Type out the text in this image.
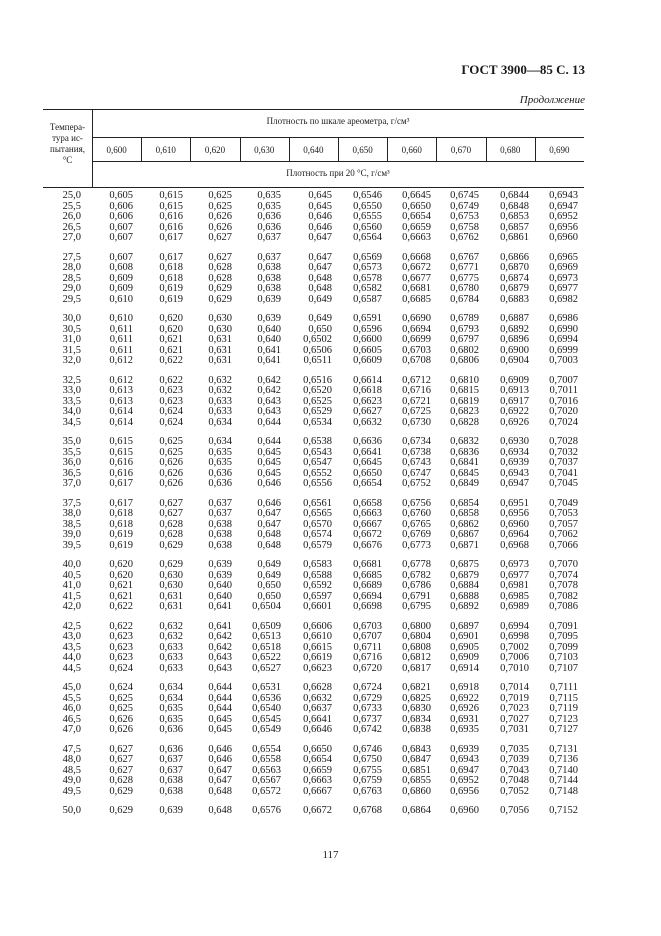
ГОСТ 3900—85 С. 13
Продолжение
Темпера-
тура ис-
пытания,
°С
Плотность по шкале ареометра, г/см³
Плотность при 20 °С, г/см³
0,600	0,610	0,620	0,630	0,640	0,650	0,660	0,670	0,680	0,690
25,0	0,605	0,615	0,625	0,635	0,645	0,6546	0,6645	0,6745	0,6844	0,6943
25,5	0,606	0,615	0,625	0,635	0,645	0,6550	0,6650	0,6749	0,6848	0,6947
26,0	0,606	0,616	0,626	0,636	0,646	0,6555	0,6654	0,6753	0,6853	0,6952
26,5	0,607	0,616	0,626	0,636	0,646	0,6560	0,6659	0,6758	0,6857	0,6956
27,0	0,607	0,617	0,627	0,637	0,647	0,6564	0,6663	0,6762	0,6861	0,6960
27,5	0,607	0,617	0,627	0,637	0,647	0,6569	0,6668	0,6767	0,6866	0,6965
28,0	0,608	0,618	0,628	0,638	0,647	0,6573	0,6672	0,6771	0,6870	0,6969
28,5	0,609	0,618	0,628	0,638	0,648	0,6578	0,6677	0,6775	0,6874	0,6973
29,0	0,609	0,619	0,629	0,638	0,648	0,6582	0,6681	0,6780	0,6879	0,6977
29,5	0,610	0,619	0,629	0,639	0,649	0,6587	0,6685	0,6784	0,6883	0,6982
30,0	0,610	0,620	0,630	0,639	0,649	0,6591	0,6690	0,6789	0,6887	0,6986
30,5	0,611	0,620	0,630	0,640	0,650	0,6596	0,6694	0,6793	0,6892	0,6990
31,0	0,611	0,621	0,631	0,640	0,6502	0,6600	0,6699	0,6797	0,6896	0,6994
31,5	0,611	0,621	0,631	0,641	0,6506	0,6605	0,6703	0,6802	0,6900	0,6999
32,0	0,612	0,622	0,631	0,641	0,6511	0,6609	0,6708	0,6806	0,6904	0,7003
32,5	0,612	0,622	0,632	0,642	0,6516	0,6614	0,6712	0,6810	0,6909	0,7007
33,0	0,613	0,623	0,632	0,642	0,6520	0,6618	0,6716	0,6815	0,6913	0,7011
33,5	0,613	0,623	0,633	0,643	0,6525	0,6623	0,6721	0,6819	0,6917	0,7016
34,0	0,614	0,624	0,633	0,643	0,6529	0,6627	0,6725	0,6823	0,6922	0,7020
34,5	0,614	0,624	0,634	0,644	0,6534	0,6632	0,6730	0,6828	0,6926	0,7024
35,0	0,615	0,625	0,634	0,644	0,6538	0,6636	0,6734	0,6832	0,6930	0,7028
35,5	0,615	0,625	0,635	0,645	0,6543	0,6641	0,6738	0,6836	0,6934	0,7032
36,0	0,616	0,626	0,635	0,645	0,6547	0,6645	0,6743	0,6841	0,6939	0,7037
36,5	0,616	0,626	0,636	0,645	0,6552	0,6650	0,6747	0,6845	0,6943	0,7041
37,0	0,617	0,626	0,636	0,646	0,6556	0,6654	0,6752	0,6849	0,6947	0,7045
37,5	0,617	0,627	0,637	0,646	0,6561	0,6658	0,6756	0,6854	0,6951	0,7049
38,0	0,618	0,627	0,637	0,647	0,6565	0,6663	0,6760	0,6858	0,6956	0,7053
38,5	0,618	0,628	0,638	0,647	0,6570	0,6667	0,6765	0,6862	0,6960	0,7057
39,0	0,619	0,628	0,638	0,648	0,6574	0,6672	0,6769	0,6867	0,6964	0,7062
39,5	0,619	0,629	0,638	0,648	0,6579	0,6676	0,6773	0,6871	0,6968	0,7066
40,0	0,620	0,629	0,639	0,649	0,6583	0,6681	0,6778	0,6875	0,6973	0,7070
40,5	0,620	0,630	0,639	0,649	0,6588	0,6685	0,6782	0,6879	0,6977	0,7074
41,0	0,621	0,630	0,640	0,650	0,6592	0,6689	0,6786	0,6884	0,6981	0,7078
41,5	0,621	0,631	0,640	0,650	0,6597	0,6694	0,6791	0,6888	0,6985	0,7082
42,0	0,622	0,631	0,641	0,6504	0,6601	0,6698	0,6795	0,6892	0,6989	0,7086
42,5	0,622	0,632	0,641	0,6509	0,6606	0,6703	0,6800	0,6897	0,6994	0,7091
43,0	0,623	0,632	0,642	0,6513	0,6610	0,6707	0,6804	0,6901	0,6998	0,7095
43,5	0,623	0,633	0,642	0,6518	0,6615	0,6711	0,6808	0,6905	0,7002	0,7099
44,0	0,623	0,633	0,643	0,6522	0,6619	0,6716	0,6812	0,6909	0,7006	0,7103
44,5	0,624	0,633	0,643	0,6527	0,6623	0,6720	0,6817	0,6914	0,7010	0,7107
45,0	0,624	0,634	0,644	0,6531	0,6628	0,6724	0,6821	0,6918	0,7014	0,7111
45,5	0,625	0,634	0,644	0,6536	0,6632	0,6729	0,6825	0,6922	0,7019	0,7115
46,0	0,625	0,635	0,644	0,6540	0,6637	0,6733	0,6830	0,6926	0,7023	0,7119
46,5	0,626	0,635	0,645	0,6545	0,6641	0,6737	0,6834	0,6931	0,7027	0,7123
47,0	0,626	0,636	0,645	0,6549	0,6646	0,6742	0,6838	0,6935	0,7031	0,7127
47,5	0,627	0,636	0,646	0,6554	0,6650	0,6746	0,6843	0,6939	0,7035	0,7131
48,0	0,627	0,637	0,646	0,6558	0,6654	0,6750	0,6847	0,6943	0,7039	0,7136
48,5	0,627	0,637	0,647	0,6563	0,6659	0,6755	0,6851	0,6947	0,7043	0,7140
49,0	0,628	0,638	0,647	0,6567	0,6663	0,6759	0,6855	0,6952	0,7048	0,7144
49,5	0,629	0,638	0,648	0,6572	0,6667	0,6763	0,6860	0,6956	0,7052	0,7148
50,0	0,629	0,639	0,648	0,6576	0,6672	0,6768	0,6864	0,6960	0,7056	0,7152
117
